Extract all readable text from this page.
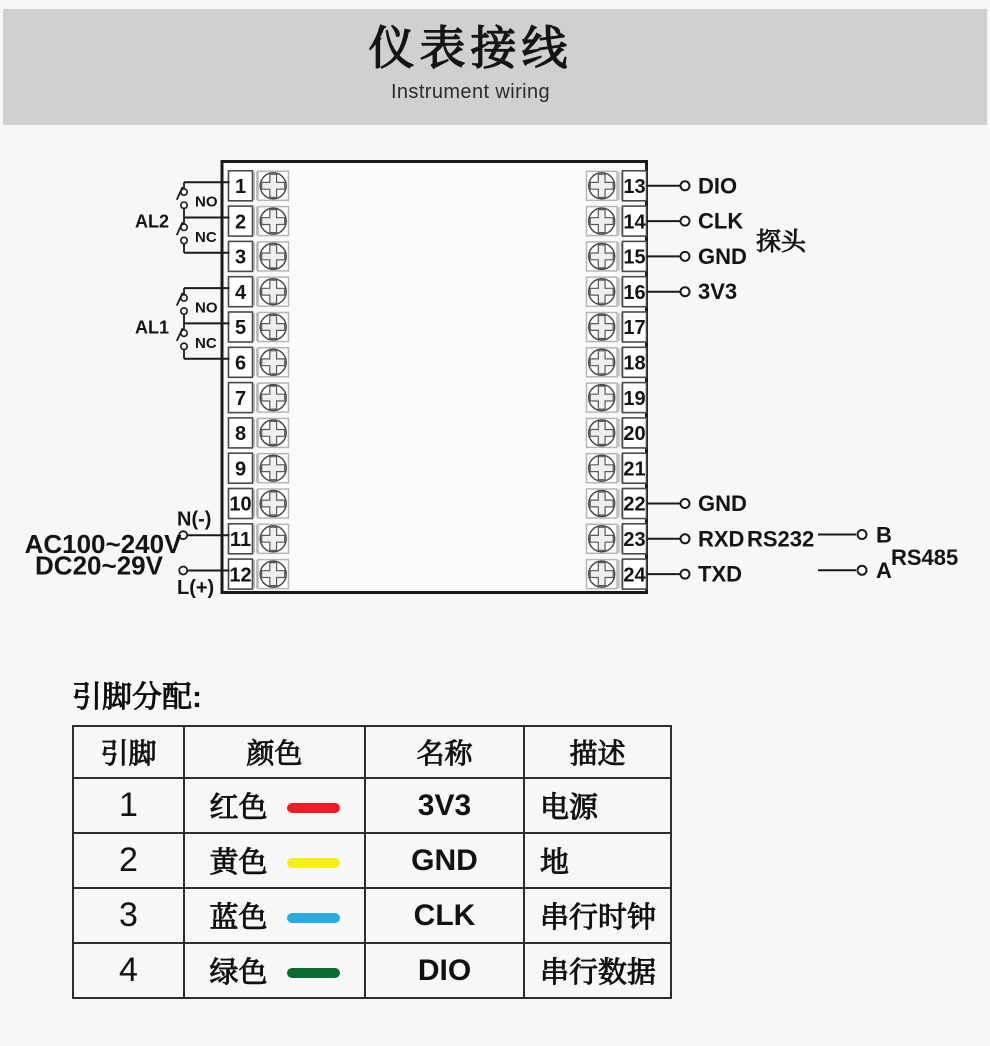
仪表接线
Instrument wiring
1
2
3
4
5
6
7
8
9
10
11
12
13
14
15
16
17
18
19
20
21
22
23
24
NO
NC
AL2
NO
NC
AL1
N(-)
L(+)
AC100~240V
DC20~29V
DIO
CLK
GND
3V3
GND
RXD
TXD
RS232
探头
B
A
RS485
引脚分配:
引脚	颜色	名称	描述
1	红色	3V3	电源
2	黄色	GND	地
3	蓝色	CLK	串行时钟
4	绿色	DIO	串行数据
